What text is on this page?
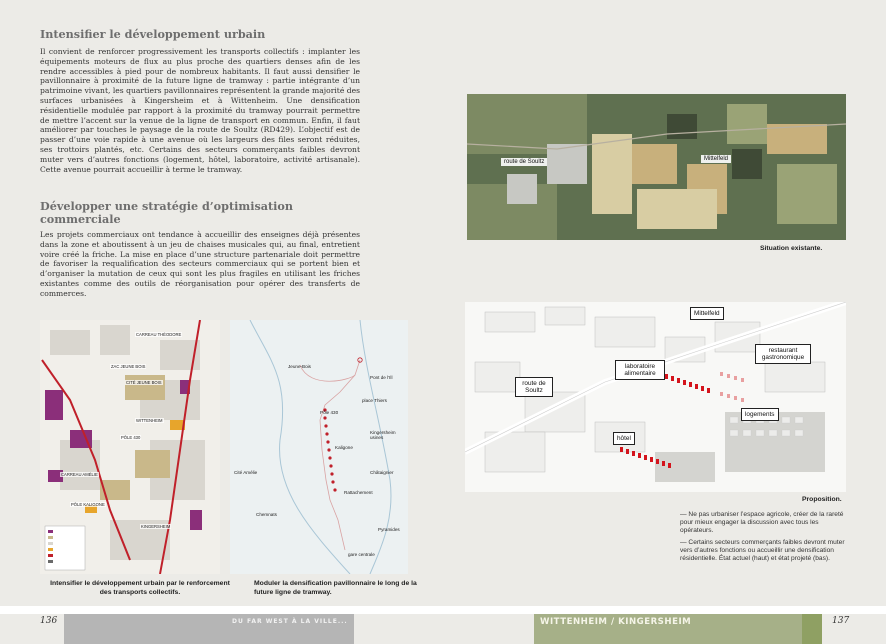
Intensifier le développement urbain

Il convient de renforcer progressivement les transports collectifs : implanter les équipements moteurs de flux au plus proche des quartiers denses afin de les rendre accessibles à pied pour de nombreux habitants. Il faut aussi densifier le pavillonnaire à proximité de la future ligne de tramway : partie intégrante d’un patrimoine vivant, les quartiers pavillonnaires représentent la grande majorité des surfaces urbanisées à Kingersheim et à Wittenheim. Une densification résidentielle modulée par rapport à la proximité du tramway pourrait permettre de mettre l’accent sur la venue de la ligne de transport en commun. Enfin, il faut améliorer par touches le paysage de la route de Soultz (RD429). L’objectif est de passer d’une voie rapide à une avenue où les largeurs des files seront réduites, ses trottoirs plantés, etc. Certains des secteurs commerçants faibles devront muter vers d’autres fonctions (logement, hôtel, laboratoire, activité artisanale). Cette avenue pourrait accueillir à terme le tramway.

Développer une stratégie d’optimisation commerciale

Les projets commerciaux ont tendance à accueillir des enseignes déjà présentes dans la zone et aboutissent à un jeu de chaises musicales qui, au final, entretient voire créé la friche. La mise en place d’une structure partenariale doit permettre de favoriser la requalification des secteurs commerciaux qui se portent bien et d’organiser la mutation de ceux qui sont les plus fragiles en utilisant les friches existantes comme des outils de réorganisation pour opérer des transferts de commerces.

CARREAU THÉODORE
ZAC JEUNE BOIS
CITÉ JEUNE BOIS
WITTENHEIM
PÔLE 430
CARREAU AMÉLIE
PÔLE KALIGONE
KINGERSHEIM
Intensifier le développement urbain par le renforcement des transports collectifs.
Jeune-Bois
Pont de l’Ill
place Thiers
Pôle 430
Kingersheim usines
Kaligone
Châtaignier
Cité Amélie
Rattachement
Chemnats
Pyramides
gare centrale
Moduler la densification pavillonnaire le long de la future ligne de tramway.
route de Soultz	Mittelfeld
Situation existante.
Mittelfeld
restaurant gastronomique
laboratoire alimentaire
route de Soultz
logements
hôtel
Proposition.
— Ne pas urbaniser l’espace agricole, créer de la rareté pour mieux engager la discussion avec tous les opérateurs.
— Certains secteurs commerçants faibles devront muter vers d’autres fonctions ou accueillir une densification résidentielle. État actuel (haut) et état projeté (bas).
136	DU FAR WEST À LA VILLE...	WITTENHEIM / KINGERSHEIM	137
